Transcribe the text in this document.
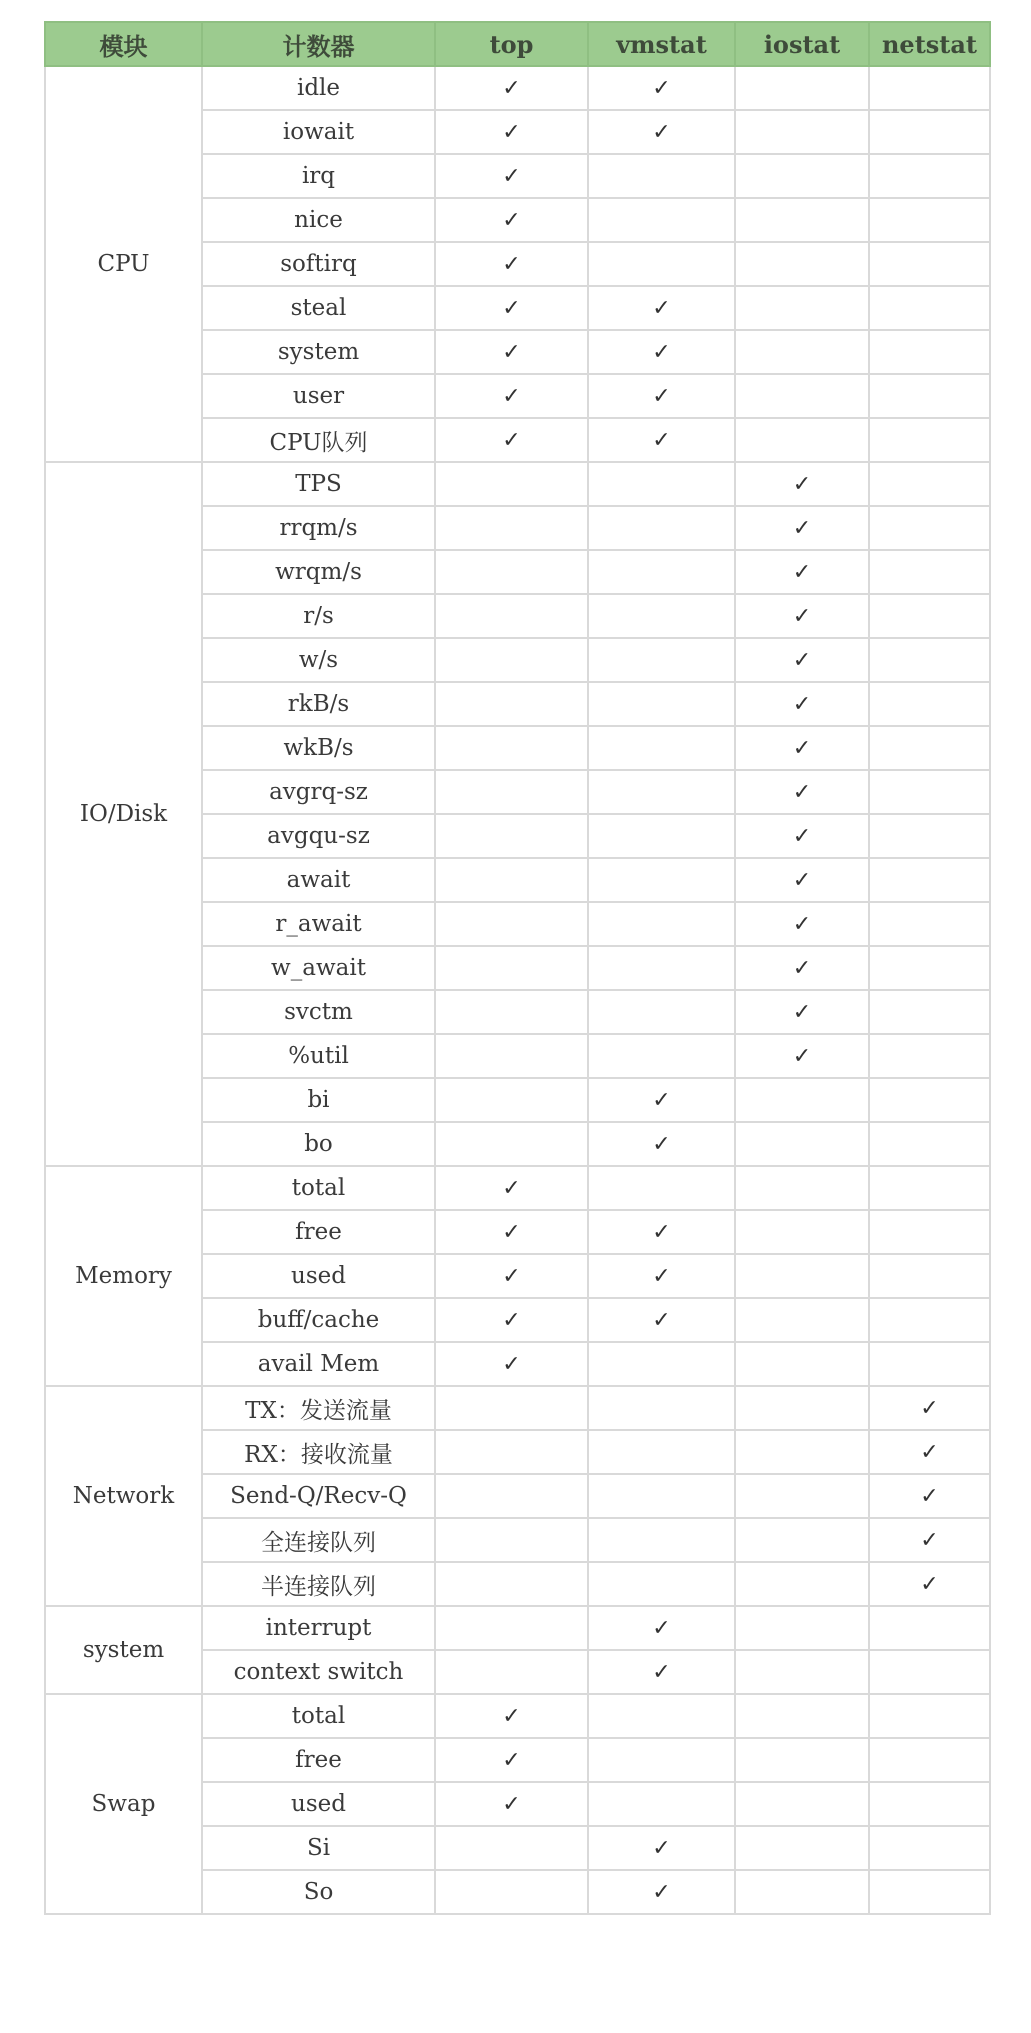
模块	计数器	top	vmstat	iostat	netstat
CPU	idle	✓	✓		
	iowait	✓	✓		
	irq	✓			
	nice	✓			
	softirq	✓			
	steal	✓	✓		
	system	✓	✓		
	user	✓	✓		
	CPU队列	✓	✓		
IO/Disk	TPS			✓	
	rrqm/s			✓	
	wrqm/s			✓	
	r/s			✓	
	w/s			✓	
	rkB/s			✓	
	wkB/s			✓	
	avgrq-sz			✓	
	avgqu-sz			✓	
	await			✓	
	r_await			✓	
	w_await			✓	
	svctm			✓	
	%util			✓	
	bi		✓		
	bo		✓		
Memory	total	✓			
	free	✓	✓		
	used	✓	✓		
	buff/cache	✓	✓		
	avail Mem	✓			
Network	TX：发送流量				✓
	RX：接收流量				✓
	Send-Q/Recv-Q				✓
	全连接队列				✓
	半连接队列				✓
system	interrupt		✓		
	context switch		✓		
Swap	total	✓			
	free	✓			
	used	✓			
	Si		✓		
	So		✓		
